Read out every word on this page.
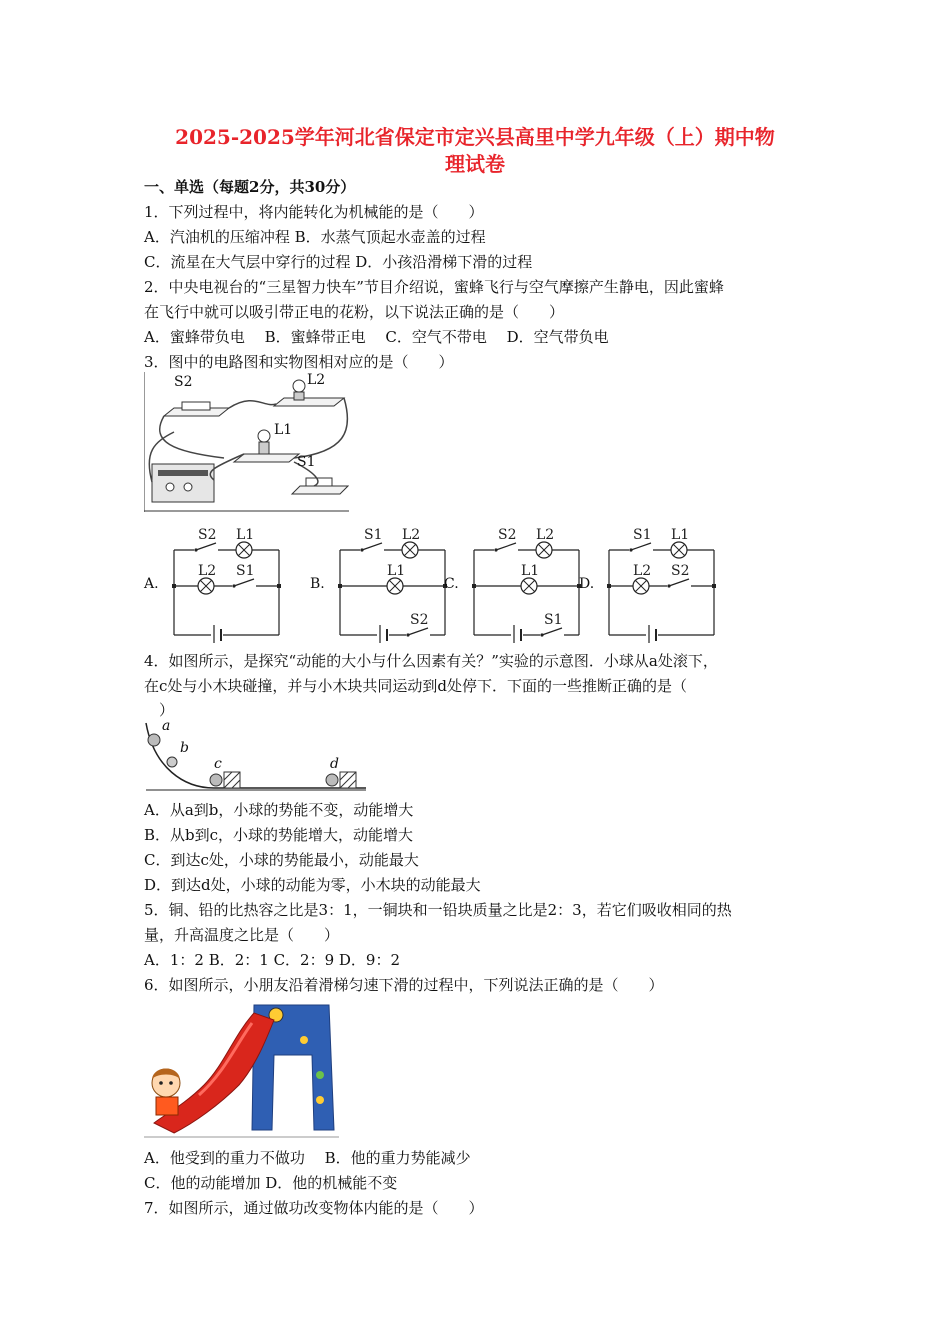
2025-2025学年河北省保定市定兴县高里中学九年级（上）期中物
理试卷
一、单选（每题2分，共30分）
1．下列过程中，将内能转化为机械能的是（　　）
A．汽油机的压缩冲程 B．水蒸气顶起水壶盖的过程
C．流星在大气层中穿行的过程 D．小孩沿滑梯下滑的过程
2．中央电视台的“三星智力快车”节目介绍说，蜜蜂飞行与空气摩擦产生静电，因此蜜蜂
在飞行中就可以吸引带正电的花粉，以下说法正确的是（　　）
A．蜜蜂带负电　 B．蜜蜂带正电　 C．空气不带电　 D．空气带负电
3．图中的电路图和实物图相对应的是（　　）
S2	L2
L1
S1
A.
S2 L1
L2 S1
B.
S1 L2
L1
S2
C.
S2 L2
L1
S1
D.
S1 L1
L2 S2
4．如图所示，是探究“动能的大小与什么因素有关？”实验的示意图．小球从a处滚下，
在c处与小木块碰撞，并与小木块共同运动到d处停下．下面的一些推断正确的是（
　）
a
b
c	d
A．从a到b，小球的势能不变，动能增大
B．从b到c，小球的势能增大，动能增大
C．到达c处，小球的势能最小，动能最大
D．到达d处，小球的动能为零，小木块的动能最大
5．铜、铅的比热容之比是3：1，一铜块和一铅块质量之比是2：3，若它们吸收相同的热
量，升高温度之比是（　　）
A．1：2 B．2：1 C．2：9 D．9：2
6．如图所示，小朋友沿着滑梯匀速下滑的过程中，下列说法正确的是（　　）
A．他受到的重力不做功　 B．他的重力势能减少
C．他的动能增加 D．他的机械能不变
7．如图所示，通过做功改变物体内能的是（　　）
